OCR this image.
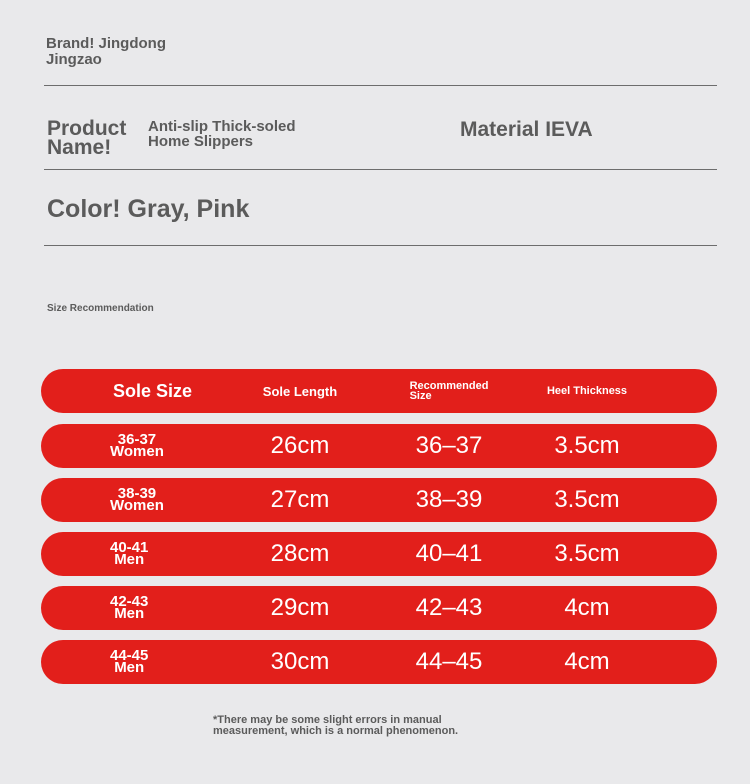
Brand! Jingdong
Jingzao
Product
Name!
Anti-slip Thick-soled
Home Slippers
Material IEVA
Color! Gray, Pink
Size Recommendation
Sole Size	Sole Length	Recommended
Size	Heel Thickness
36-37
Women	26cm	36–37	3.5cm
38-39
Women	27cm	38–39	3.5cm
40-41
Men	28cm	40–41	3.5cm
42-43
Men	29cm	42–43	4cm
44-45
Men	30cm	44–45	4cm
*There may be some slight errors in manual
measurement, which is a normal phenomenon.
